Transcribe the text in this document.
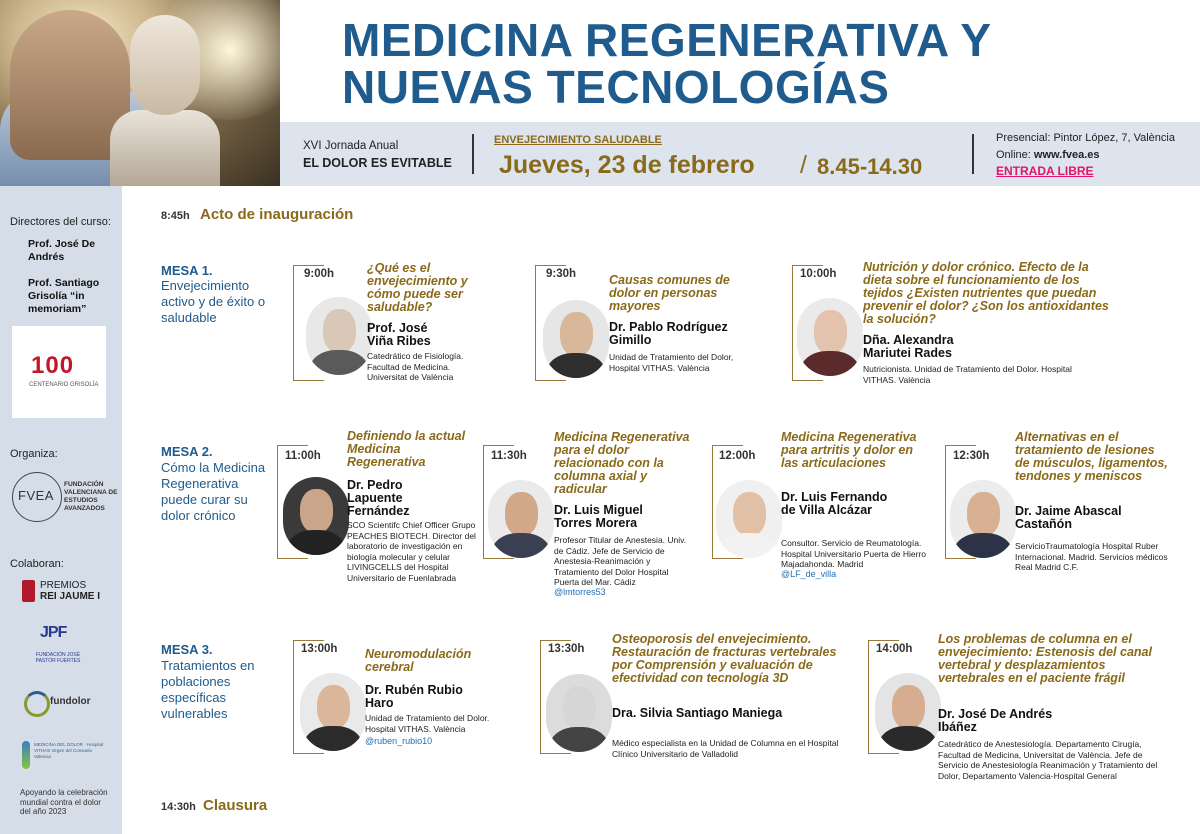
MEDICINA REGENERATIVA Y
NUEVAS TECNOLOGÍAS
XVI Jornada Anual
EL DOLOR ES EVITABLE
ENVEJECIMIENTO SALUDABLE
Jueves, 23 de febrero / 8.45-14.30
Presencial: Pintor López, 7, València
Online: www.fvea.es
ENTRADA LIBRE
Directores del curso:
Prof. José De Andrés
Prof. Santiago Grisolía “in memoriam”
100
CENTENARIO GRISOLÍA
Organiza:
FVEA
FUNDACIÓN VALENCIANA DE ESTUDIOS AVANZADOS
Colaboran:
PREMIOS
REI JAUME I
JPF
FUNDACIÓN JOSÉ PASTOR FUERTES
fundolor
MEDICINA DEL DOLOR · Hospital VITHAS Virgen del Consuelo Valencia
Apoyando la celebración mundial contra el dolor del año 2023
8:45h Acto de inauguración
MESA 1.
Envejecimiento activo y de éxito o saludable
9:00h	¿Qué es el envejecimiento y cómo puede ser saludable?
Prof. José Viña Ribes
Catedrático de Fisiología. Facultad de Medicina. Universitat de València
9:30h	Causas comunes de dolor en personas mayores
Dr. Pablo Rodríguez Gimillo
Unidad de Tratamiento del Dolor, Hospital VITHAS. València
10:00h Nutrición y dolor crónico. Efecto de la dieta sobre el funcionamiento de los tejidos ¿Existen nutrientes que puedan prevenir el dolor? ¿Son los antioxidantes la solución?
Dña. Alexandra Mariutei Rades
Nutricionista. Unidad de Tratamiento del Dolor. Hospital VITHAS. València
MESA 2.
Cómo la Medicina Regenerativa puede curar su dolor crónico
11:00h
Definiendo la actual Medicina Regenerativa
Dr. Pedro Lapuente Fernández
SCO Scientifc Chief Officer Grupo PEACHES BIOTECH. Director del laboratorio de investigación en biología molecular y celular LIVINGCELLS del Hospital Universitario de Fuenlabrada
11:30h
Medicina Regenerativa para el dolor relacionado con la columna axial y radicular
Dr. Luis Miguel Torres Morera
Profesor Titular de Anestesia. Univ. de Cádiz. Jefe de Servicio de Anestesia-Reanimación y Tratamiento del Dolor Hospital Puerta del Mar. Cádiz
@lmtorres53
12:00h
Medicina Regenerativa para artritis y dolor en las articulaciones
Dr. Luis Fernando de Villa Alcázar
Consultor. Servicio de Reumatología. Hospital Universitario Puerta de Hierro Majadahonda. Madrid
@LF_de_villa
12:30h
Alternativas en el tratamiento de lesiones de músculos, ligamentos, tendones y meniscos
Dr. Jaime Abascal Castañón
ServicioTraumatología Hospital Ruber Internacional. Madrid. Servicios médicos Real Madrid C.F.
MESA 3.
Tratamientos en poblaciones específicas vulnerables
13:00h Neuromodulación cerebral
Dr. Rubén Rubio Haro
Unidad de Tratamiento del Dolor. Hospital VITHAS. València
@ruben_rubio10
13:30h
Osteoporosis del envejecimiento. Restauración de fracturas vertebrales por Comprensión y evaluación de efectividad con tecnología 3D
Dra. Silvia Santiago Maniega
Médico especialista en la Unidad de Columna en el Hospital Clínico Universitario de Valladolid
14:00h
Los problemas de columna en el envejecimiento: Estenosis del canal vertebral y desplazamientos vertebrales en el paciente frágil
Dr. José De Andrés Ibáñez
Catedrático de Anestesiología. Departamento Cirugía, Facultad de Medicina, Universitat de València. Jefe de Servicio de Anestesiología Reanimación y Tratamiento del Dolor, Departamento Valencia-Hospital General
14:30h Clausura
